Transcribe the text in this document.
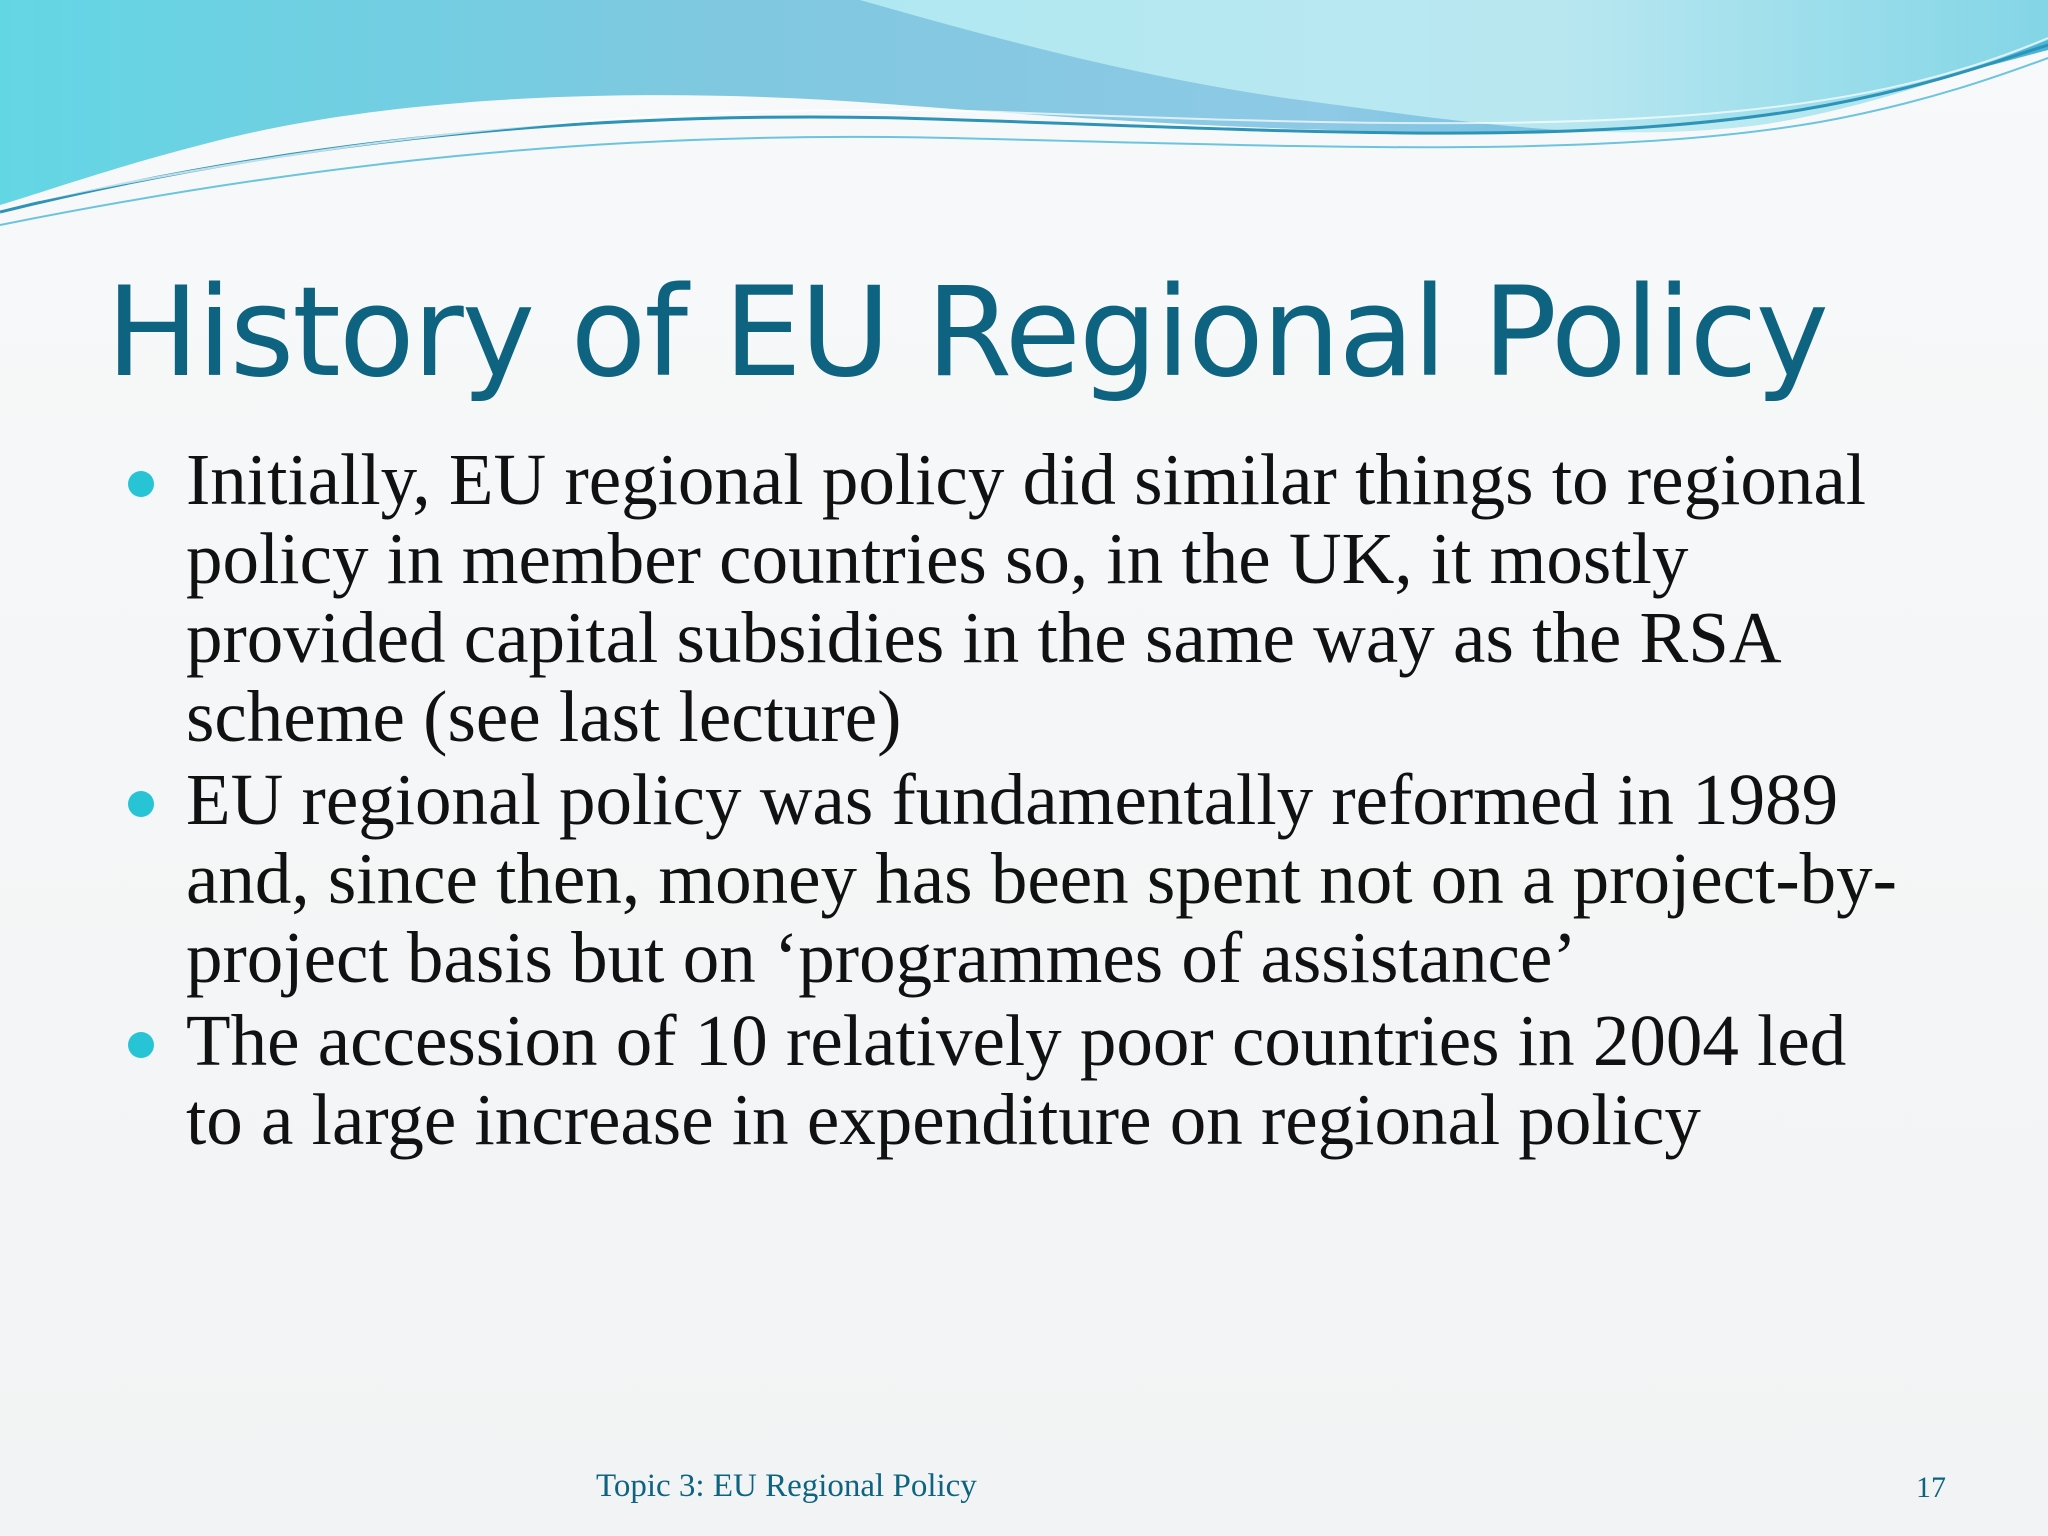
History of EU Regional Policy
Initially, EU regional policy did similar things to regional policy in member countries so, in the UK, it mostly provided capital subsidies in the same way as the RSA scheme (see last lecture)
EU regional policy was fundamentally reformed in 1989 and, since then, money has been spent not on a project-by-project basis but on ‘programmes of assistance’
The accession of 10 relatively poor countries in 2004 led to a large increase in expenditure on regional policy
Topic 3: EU Regional Policy	17
